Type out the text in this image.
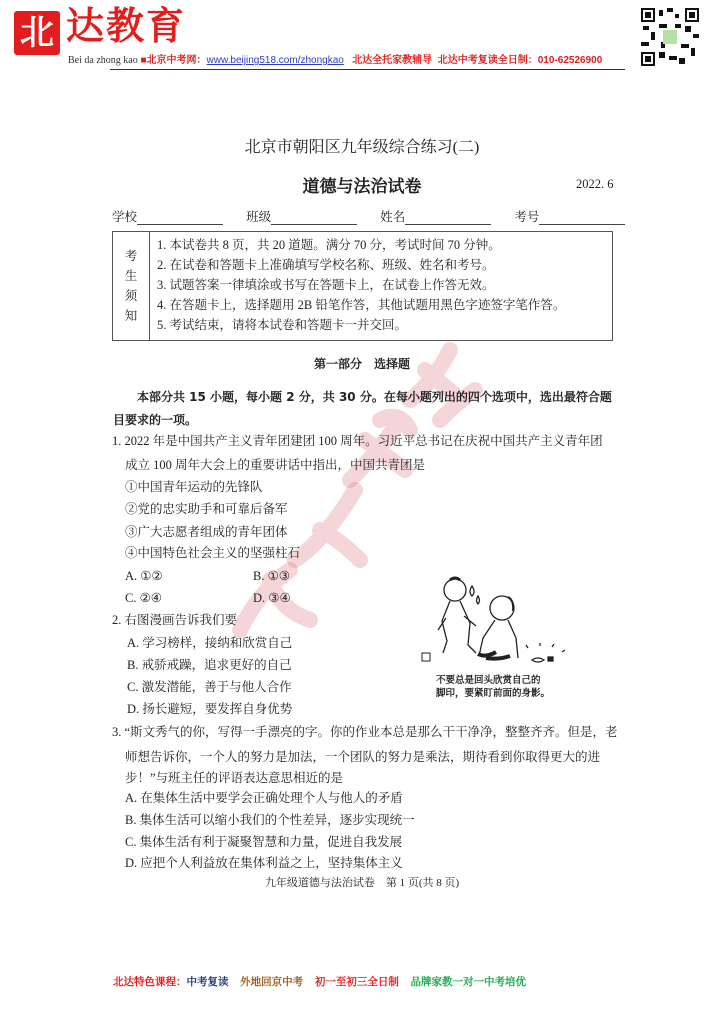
北 达教育
Bei da zhong kao ■北京中考网：www.beijing518.com/zhongkao 北达全托家教辅导 北达中考复读全日制：010-62526900
北京市朝阳区九年级综合练习(二)
道德与法治试卷	2022. 6
学校	班级	姓名	考号
考
生
须
知
1. 本试卷共 8 页，共 20 道题。满分 70 分，考试时间 70 分钟。
2. 在试卷和答题卡上准确填写学校名称、班级、姓名和考号。
3. 试题答案一律填涂或书写在答题卡上，在试卷上作答无效。
4. 在答题卡上，选择题用 2B 铅笔作答，其他试题用黑色字迹签字笔作答。
5. 考试结束，请将本试卷和答题卡一并交回。
第一部分　选择题
本部分共 15 小题，每小题 2 分，共 30 分。在每小题列出的四个选项中，选出最符合题
目要求的一项。
1. 2022 年是中国共产主义青年团建团 100 周年。习近平总书记在庆祝中国共产主义青年团
成立 100 周年大会上的重要讲话中指出，中国共青团是
①中国青年运动的先锋队
②党的忠实助手和可靠后备军
③广大志愿者组成的青年团体
④中国特色社会主义的坚强柱石
A. ①②	B. ①③
C. ②④	D. ③④
2. 右图漫画告诉我们要
A. 学习榜样，接纳和欣赏自己
B. 戒骄戒躁，追求更好的自己
C. 激发潜能，善于与他人合作
D. 扬长避短，要发挥自身优势
不要总是回头欣赏自己的
脚印，要紧盯前面的身影。
3. “斯文秀气的你，写得一手漂亮的字。你的作业本总是那么干干净净，整整齐齐。但是，老
师想告诉你，一个人的努力是加法，一个团队的努力是乘法，期待看到你取得更大的进
步！”与班主任的评语表达意思相近的是
A. 在集体生活中要学会正确处理个人与他人的矛盾
B. 集体生活可以缩小我们的个性差异，逐步实现统一
C. 集体生活有利于凝聚智慧和力量，促进自我发展
D. 应把个人利益放在集体利益之上，坚持集体主义
九年级道德与法治试卷　第 1 页(共 8 页)
北达特色课程：中考复读 外地回京中考 初一至初三全日制 品牌家教一对一中考培优
